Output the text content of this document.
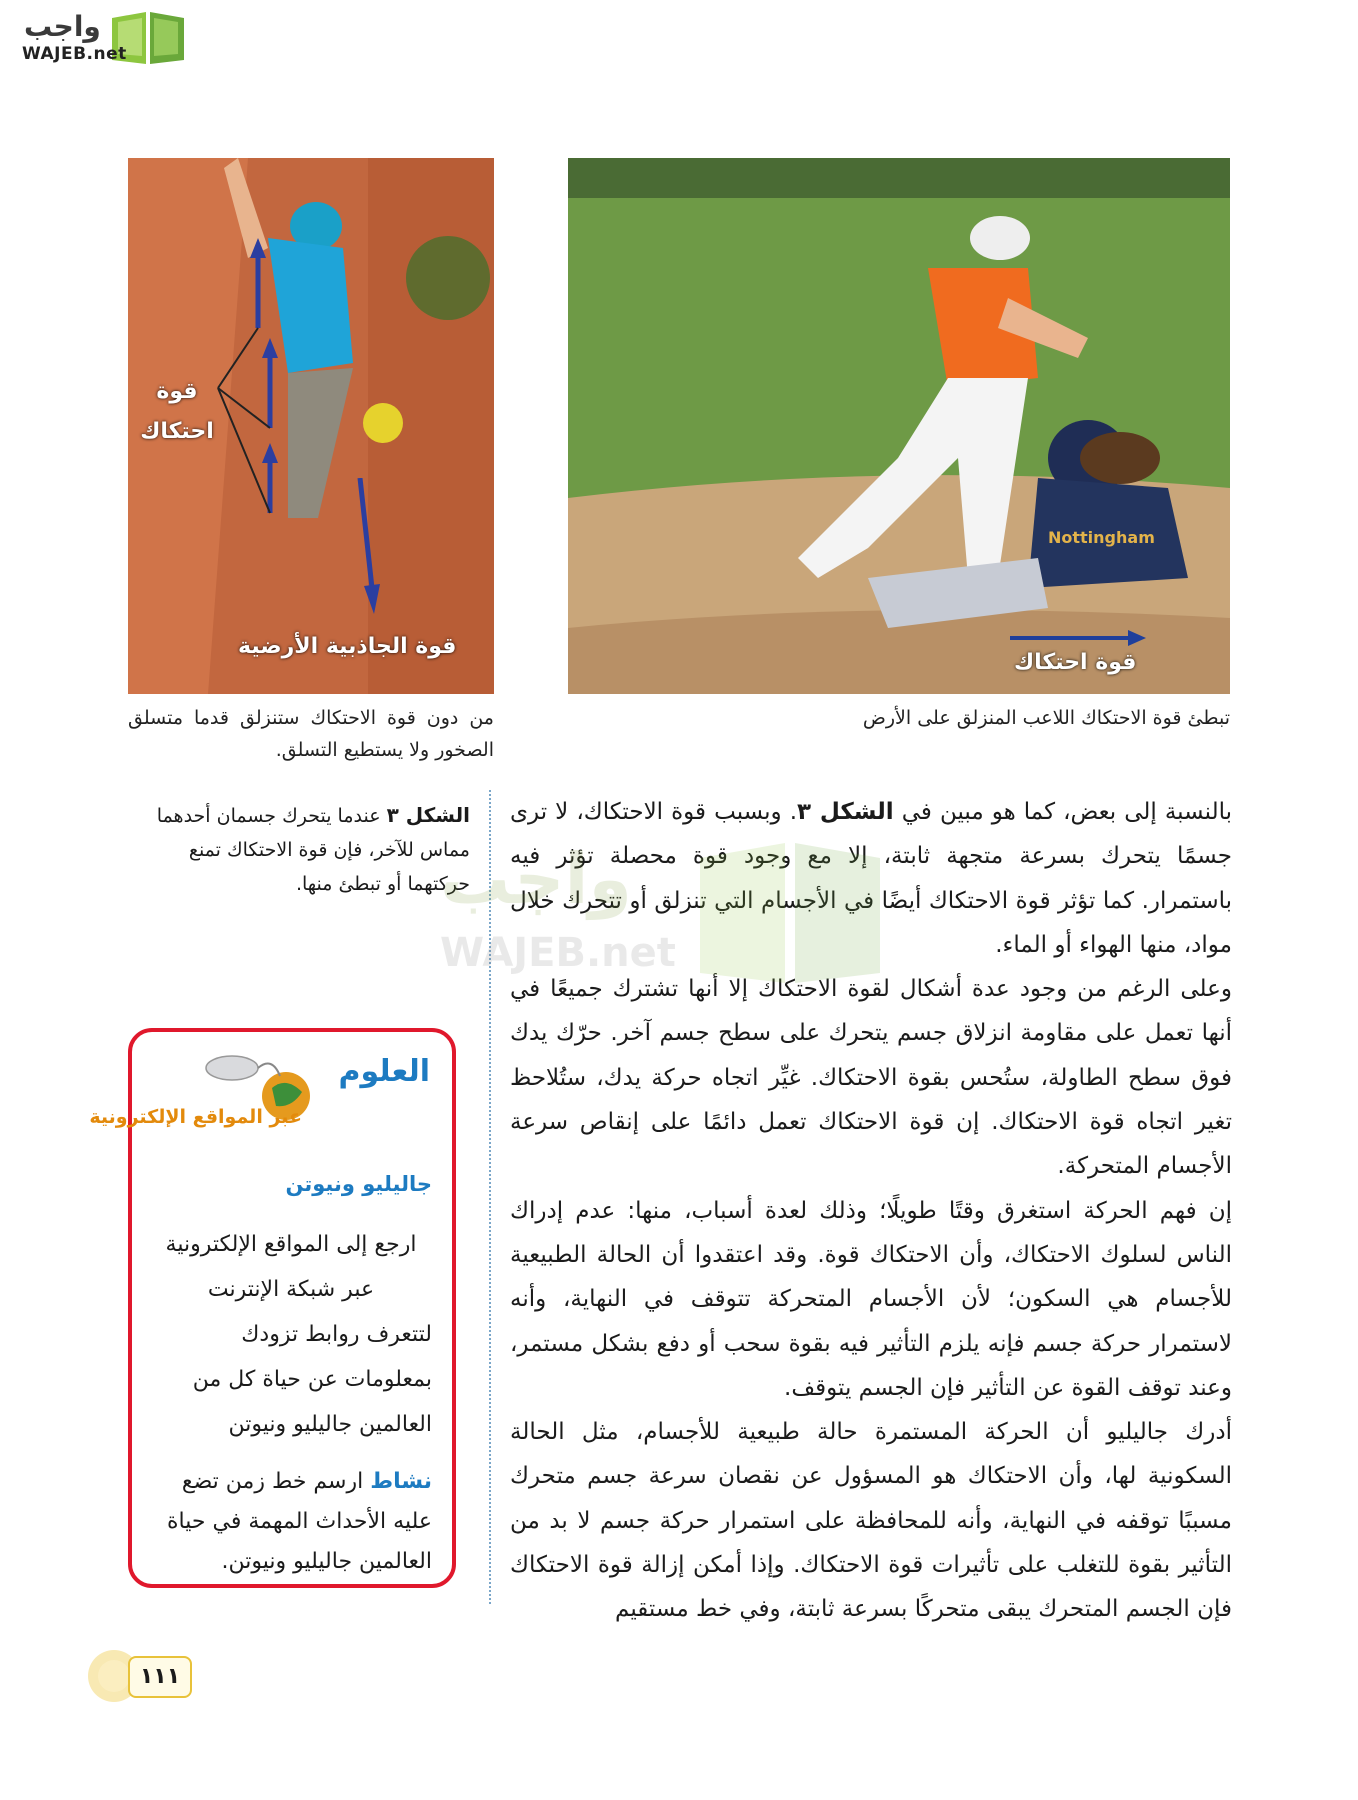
واجب
WAJEB.net
Nottingham
قوة احتكاك
تبطئ قوة الاحتكاك اللاعب المنزلق على الأرض
قوة احتكاك
قوة الجاذبية الأرضية
من دون قوة الاحتكاك ستنزلق قدما متسلق الصخور ولا يستطيع التسلق.
الشكل ٣ عندما يتحرك جسمان أحدهما مماس للآخر، فإن قوة الاحتكاك تمنع حركتهما أو تبطئ منها.

بالنسبة إلى بعض، كما هو مبين في الشكل ٣. وبسبب قوة الاحتكاك، لا ترى جسمًا يتحرك بسرعة متجهة ثابتة، إلا مع وجود قوة محصلة تؤثر فيه باستمرار. كما تؤثر قوة الاحتكاك أيضًا في الأجسام التي تنزلق أو تتحرك خلال مواد، منها الهواء أو الماء.

وعلى الرغم من وجود عدة أشكال لقوة الاحتكاك إلا أنها تشترك جميعًا في أنها تعمل على مقاومة انزلاق جسم يتحرك على سطح جسم آخر. حرّك يدك فوق سطح الطاولة، ستُحس بقوة الاحتكاك. غيِّر اتجاه حركة يدك، ستُلاحظ تغير اتجاه قوة الاحتكاك. إن قوة الاحتكاك تعمل دائمًا على إنقاص سرعة الأجسام المتحركة.

إن فهم الحركة استغرق وقتًا طويلًا؛ وذلك لعدة أسباب، منها: عدم إدراك الناس لسلوك الاحتكاك، وأن الاحتكاك قوة. وقد اعتقدوا أن الحالة الطبيعية للأجسام هي السكون؛ لأن الأجسام المتحركة تتوقف في النهاية، وأنه لاستمرار حركة جسم فإنه يلزم التأثير فيه بقوة سحب أو دفع بشكل مستمر، وعند توقف القوة عن التأثير فإن الجسم يتوقف.

أدرك جاليليو أن الحركة المستمرة حالة طبيعية للأجسام، مثل الحالة السكونية لها، وأن الاحتكاك هو المسؤول عن نقصان سرعة جسم متحرك مسببًا توقفه في النهاية، وأنه للمحافظة على استمرار حركة جسم لا بد من التأثير بقوة للتغلب على تأثيرات قوة الاحتكاك. وإذا أمكن إزالة قوة الاحتكاك فإن الجسم المتحرك يبقى متحركًا بسرعة ثابتة، وفي خط مستقيم

العلوم
عبر المواقع الإلكترونية
جاليليو ونيوتن
ارجع إلى المواقع الإلكترونية عبر شبكة الإنترنت
لتتعرف روابط تزودك بمعلومات عن حياة كل من العالمين جاليليو ونيوتن
نشاط ارسم خط زمن تضع عليه الأحداث المهمة في حياة العالمين جاليليو ونيوتن.
واجب
WAJEB.net
١١١
